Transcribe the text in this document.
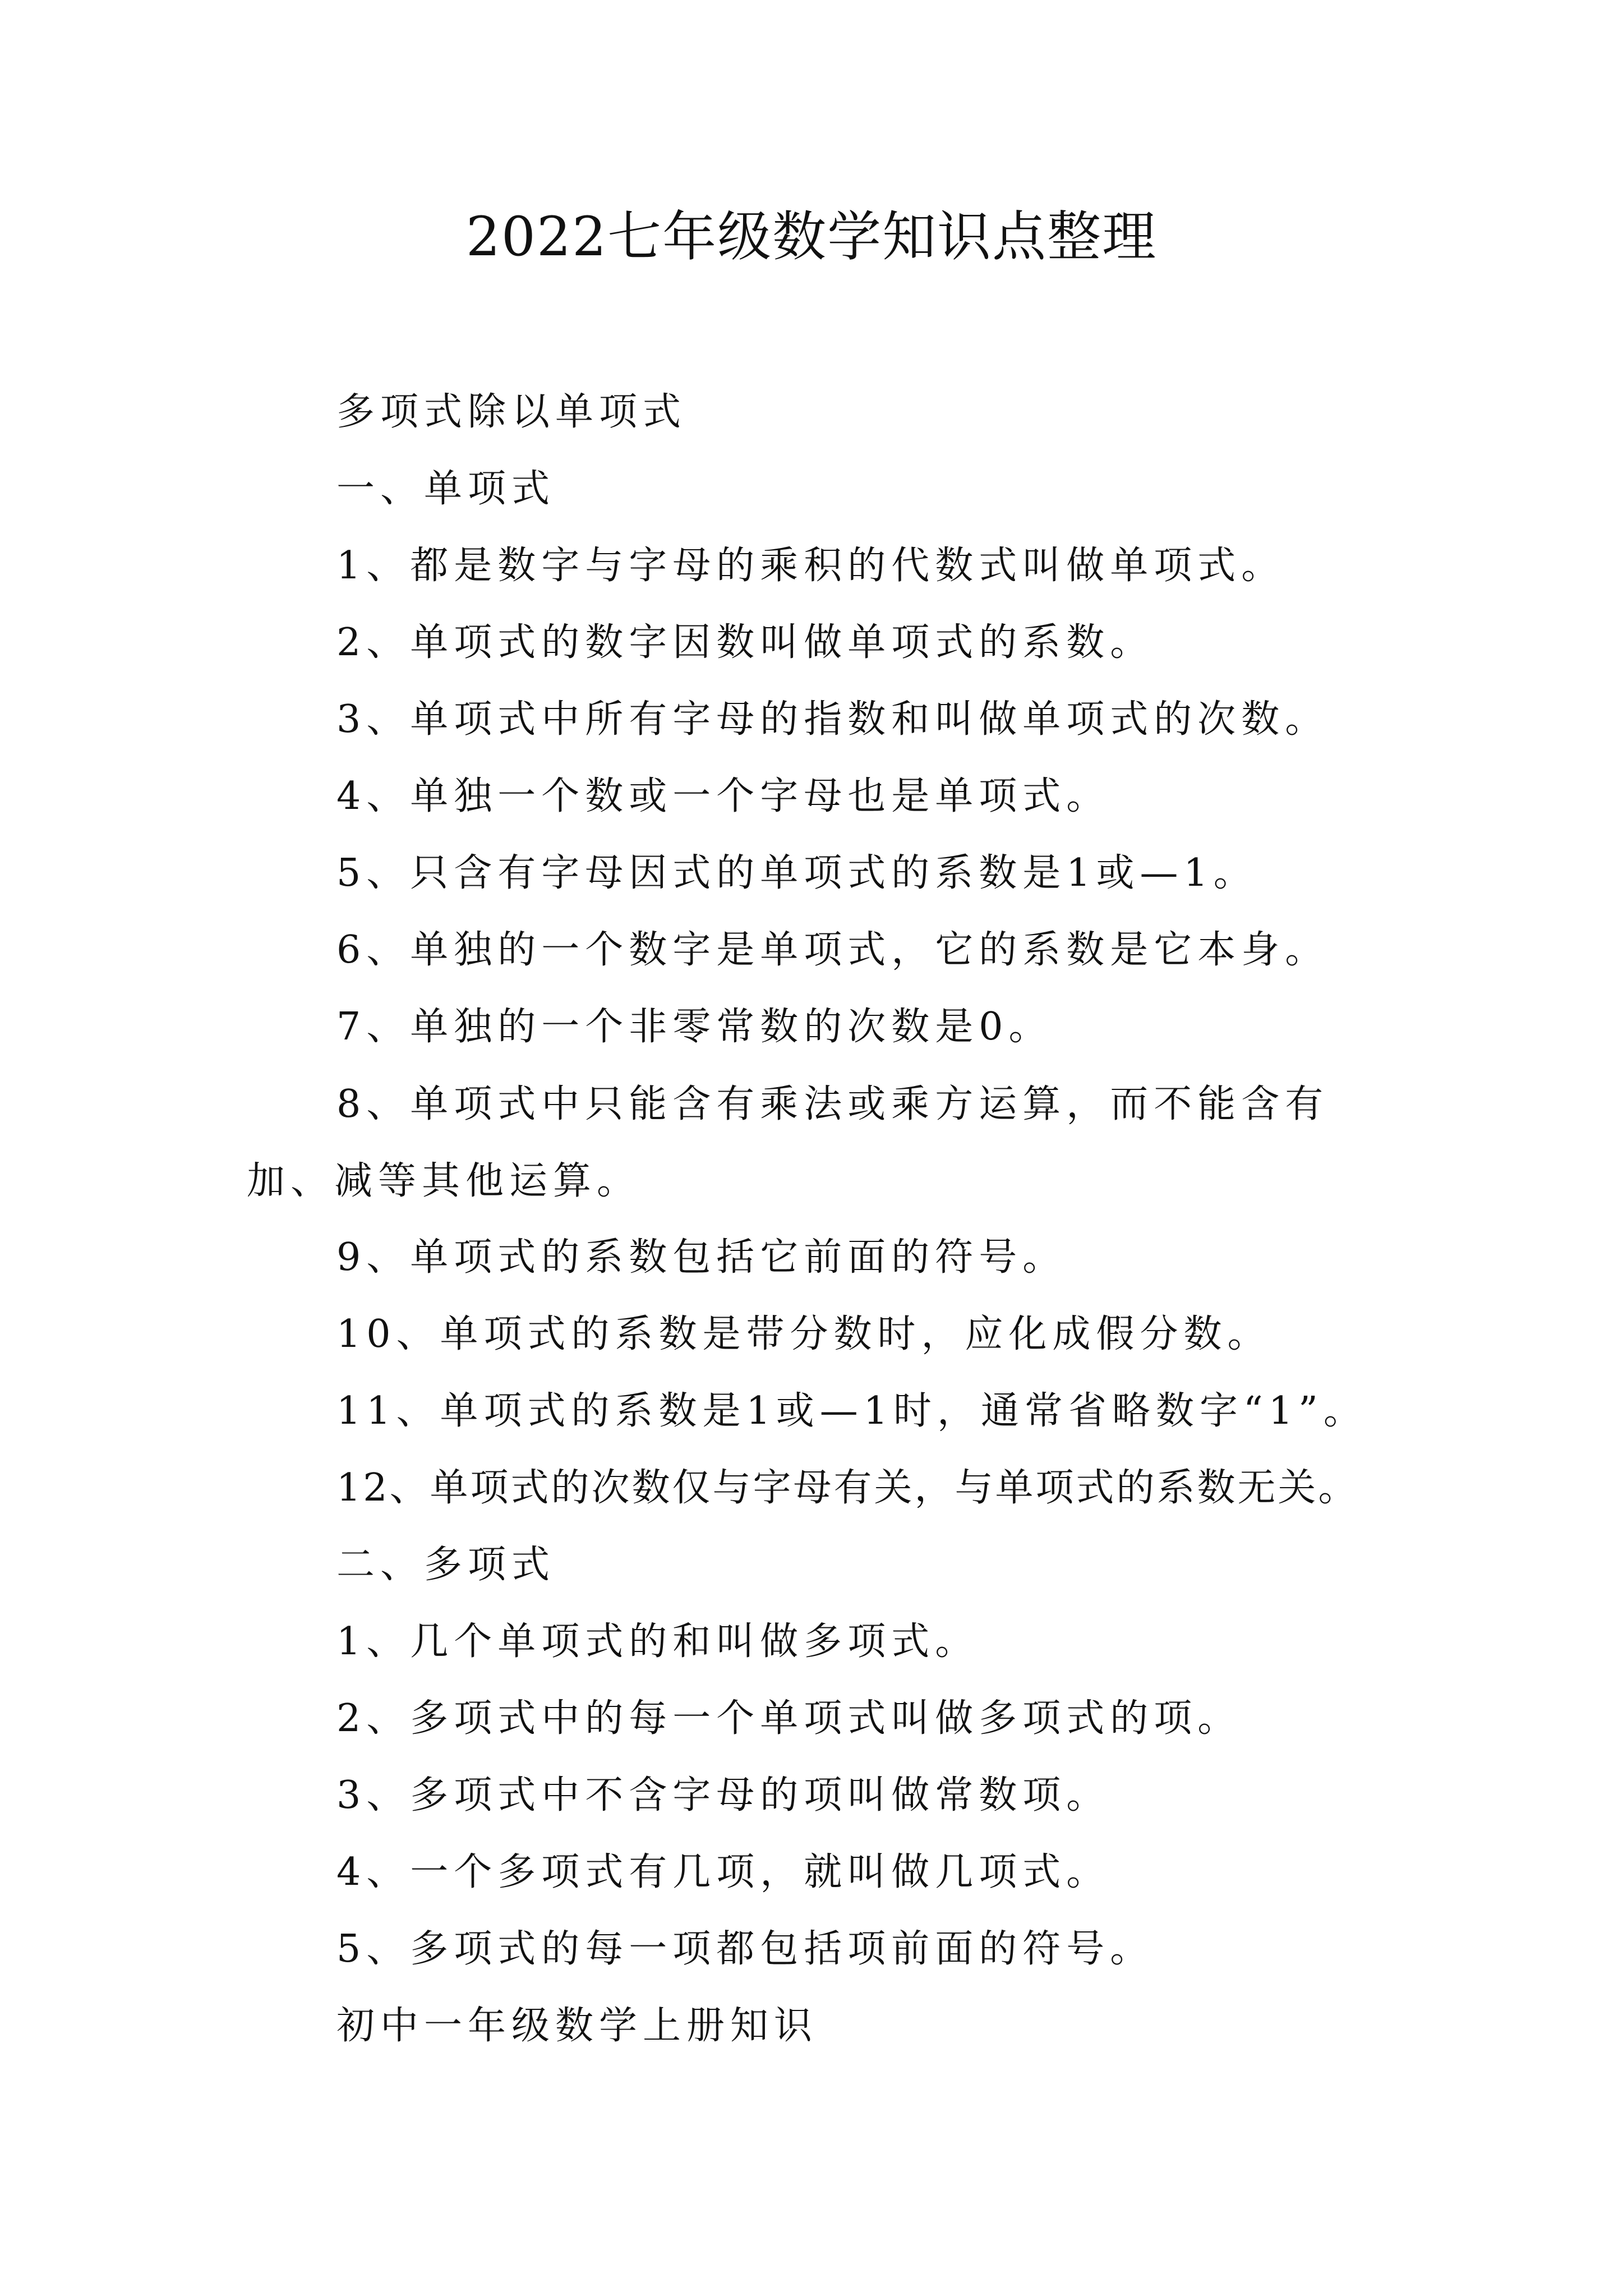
2022七年级数学知识点整理
多项式除以单项式
一、单项式
1、都是数字与字母的乘积的代数式叫做单项式。
2、单项式的数字因数叫做单项式的系数。
3、单项式中所有字母的指数和叫做单项式的次数。
4、单独一个数或一个字母也是单项式。
5、只含有字母因式的单项式的系数是1或—1。
6、单独的一个数字是单项式，它的系数是它本身。
7、单独的一个非零常数的次数是0。
8、单项式中只能含有乘法或乘方运算，而不能含有加、减等其他运算。
9、单项式的系数包括它前面的符号。
10、单项式的系数是带分数时，应化成假分数。
11、单项式的系数是1或—1时，通常省略数字“1”。
12、单项式的次数仅与字母有关，与单项式的系数无关。
二、多项式
1、几个单项式的和叫做多项式。
2、多项式中的每一个单项式叫做多项式的项。
3、多项式中不含字母的项叫做常数项。
4、一个多项式有几项，就叫做几项式。
5、多项式的每一项都包括项前面的符号。
初中一年级数学上册知识
